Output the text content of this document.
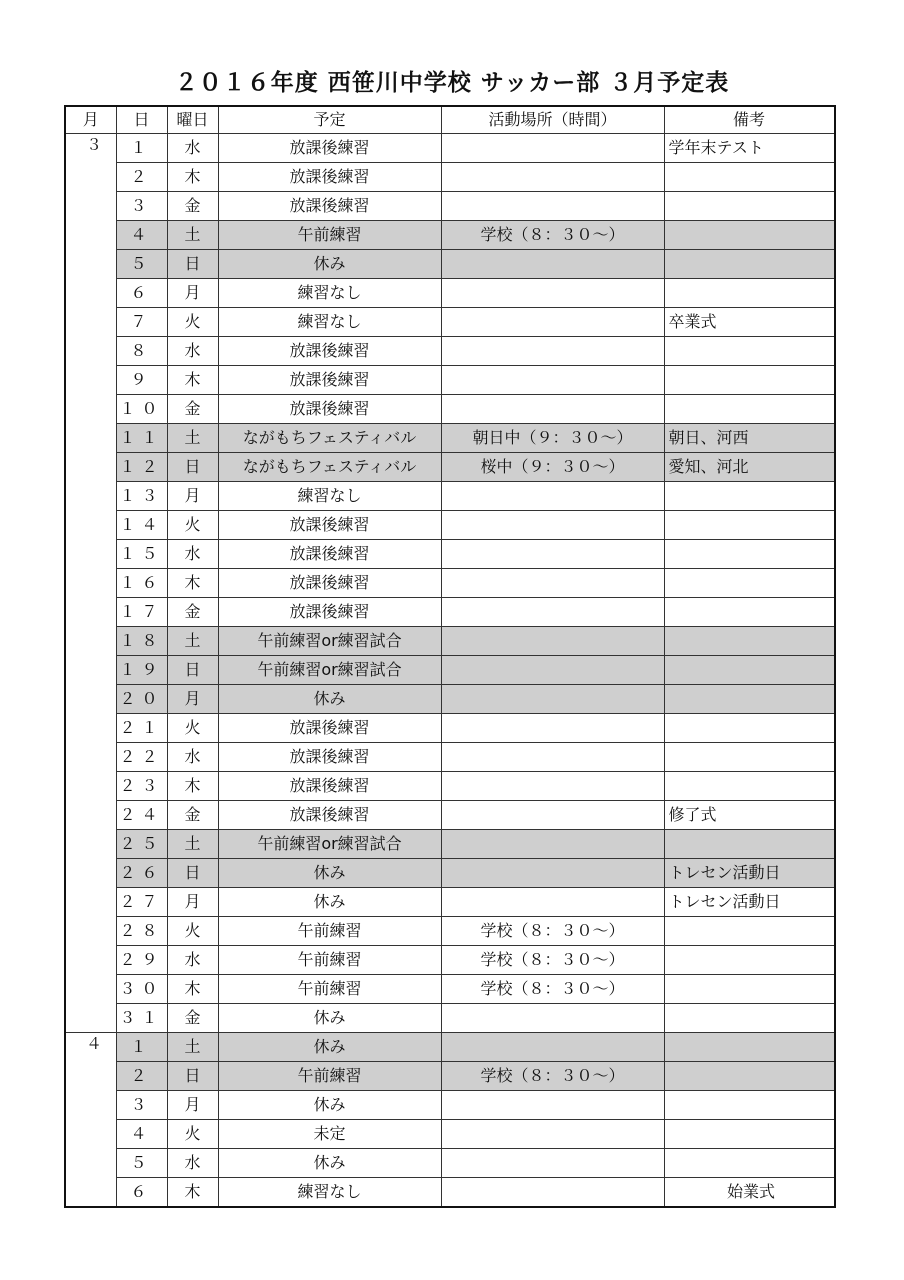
２０１６年度 西笹川中学校 サッカー部 ３月予定表
月	日	曜日	予定	活動場所（時間）	備考
３	１	水	放課後練習		学年末テスト
	２	木	放課後練習		
	３	金	放課後練習		
	４	土	午前練習	学校（８：３０〜）	
	５	日	休み		
	６	月	練習なし		
	７	火	練習なし		卒業式
	８	水	放課後練習		
	９	木	放課後練習		
	１０	金	放課後練習		
	１１	土	ながもちフェスティバル	朝日中（９：３０〜）	朝日、河西
	１２	日	ながもちフェスティバル	桜中（９：３０〜）	愛知、河北
	１３	月	練習なし		
	１４	火	放課後練習		
	１５	水	放課後練習		
	１６	木	放課後練習		
	１７	金	放課後練習		
	１８	土	午前練習or練習試合		
	１９	日	午前練習or練習試合		
	２０	月	休み		
	２１	火	放課後練習		
	２２	水	放課後練習		
	２３	木	放課後練習		
	２４	金	放課後練習		修了式
	２５	土	午前練習or練習試合		
	２６	日	休み		トレセン活動日
	２７	月	休み		トレセン活動日
	２８	火	午前練習	学校（８：３０〜）	
	２９	水	午前練習	学校（８：３０〜）	
	３０	木	午前練習	学校（８：３０〜）	
	３１	金	休み		
４	１	土	休み		
	２	日	午前練習	学校（８：３０〜）	
	３	月	休み		
	４	火	未定		
	５	水	休み		
	６	木	練習なし		始業式
